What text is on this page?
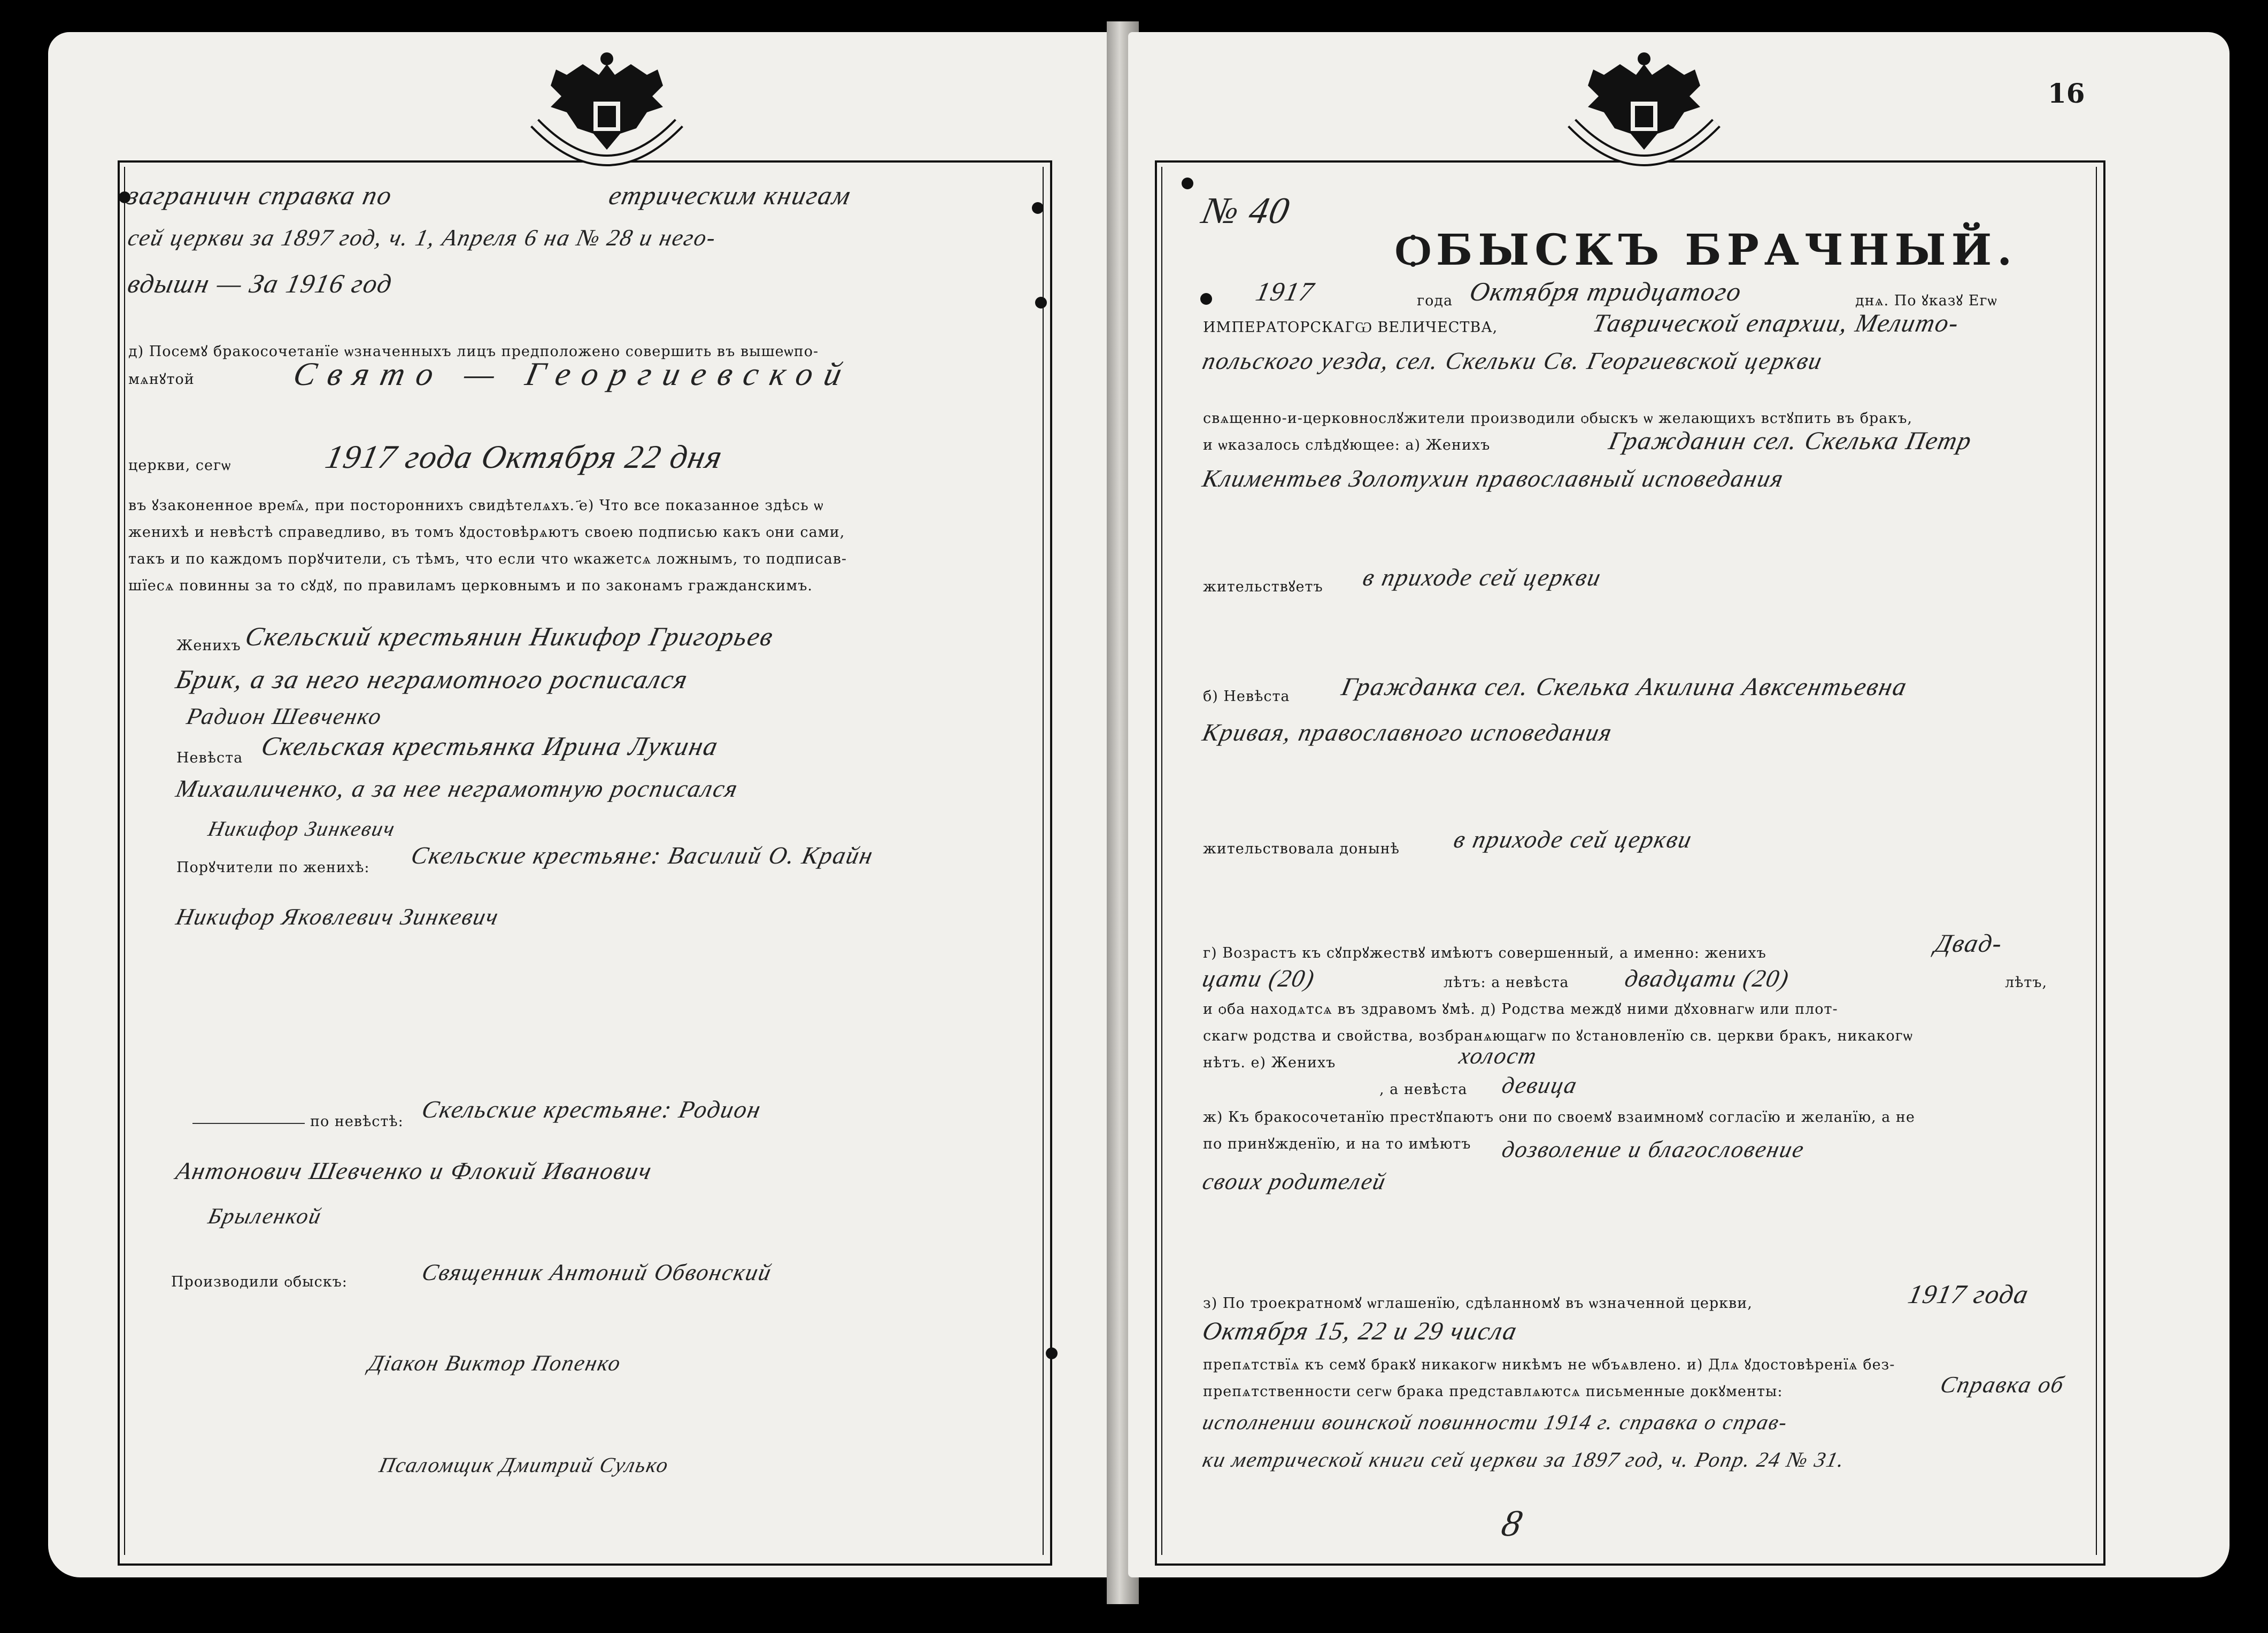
заграничн справка по	етрическим книгам
сей церкви за 1897 год, ч. 1, Апреля 6 на № 28 и него-
вдышн — За 1916 год
д) Посемꙋ бракосочетанїе ѡзначенныхъ лицъ предположено совершить въ вышеѡпо-
мѧнꙋтой	Свято — Георгиевской
церкви, сегѡ	1917 года Октября 22 дня
въ ꙋзаконенное врем҄ѧ, при постороннихъ свидѣтелѧхъ. ҃е) Что все показанное здѣсь ѡ
женихѣ и невѣстѣ справедливо, въ томъ ꙋдостовѣрѧютъ своею подписью какъ ѻни сами,
такъ и по каждомъ порꙋчители, съ тѣмъ, что если что ѡкажетсѧ ложнымъ, то подписав-
шїесѧ повинны за то сꙋдꙋ, по правиламъ церковнымъ и по законамъ гражданскимъ.
Женихъ Скельский крестьянин Никифор Григорьев
Брик, а за него неграмотного росписался
Радион Шевченко
Невѣста Скельская крестьянка Ирина Лукина
Михаиличенко, а за нее неграмотную росписался
Никифор Зинкевич
Порꙋчители по женихѣ: Скельские крестьяне: Василий О. Крайн
Никифор Яковлевич Зинкевич
по невѣстѣ: Скельские крестьяне: Родион
Антонович Шевченко и Флокий Иванович
Брыленкой
Производили ѻбыскъ:	Священник Антоний Обвонский
Діакон Виктор Попенко
Псаломщик Дмитрий Сулько
16
№ 40
ѺБЫСКЪ БРАЧНЫЙ.
1917	года Октября тридцатого	днѧ. По ꙋказꙋ Егѡ
ИМПЕРАТОРСКАГѠ ВЕЛИЧЕСТВА,	Таврической епархии, Мелито-
польского уезда, сел. Скельки Св. Георгиевской церкви
свѧщенно-и-церковнослꙋжители производили ѻбыскъ ѡ желающихъ встꙋпить въ бракъ,
и ѡказалось слѣдꙋющее: а) Женихъ	Гражданин сел. Скелька Петр
Климентьев Золотухин православный исповедания
жительствꙋетъ в приходе сей церкви
б) Невѣста Гражданка сел. Скелька Акилина Авксентьевна
Кривая, православного исповедания
жительствовала донынѣ в приходе сей церкви
г) Возрастъ къ сꙋпрꙋжествꙋ имѣютъ совершенный, а именно: женихъ	Двад-
цати (20)	лѣтъ: а невѣста двадцати (20)	лѣтъ,
и ѻба находѧтсѧ въ здравомъ ꙋмѣ. д) Родства междꙋ ними дꙋховнагѡ или плот-
скагѡ родства и свойства, возбранѧющагѡ по ꙋстановленїю св. церкви бракъ, никакогѡ
нѣтъ. е) Женихъ	холост
, а невѣста девица
ж) Къ бракосочетанїю престꙋпаютъ ѻни по своемꙋ взаимномꙋ согласїю и желанїю, а не
по принꙋжденїю, и на то имѣютъ дозволение и благословение
своих родителей
з) По троекратномꙋ ѡглашенїю, сдѣланномꙋ въ ѡзначенной церкви,	1917 года
Октября 15, 22 и 29 числа
препѧтствїѧ къ семꙋ бракꙋ никакогѡ никѣмъ не ѡбъѧвлено. и) Длѧ ꙋдостовѣренїѧ без-
препѧтственности сегѡ брака представлѧютсѧ письменные докꙋменты:	Справка об
исполнении воинской повинности 1914 г. справка о справ-
ки метрической книги сей церкви за 1897 год, ч. Ропр. 24 № 31.
8
